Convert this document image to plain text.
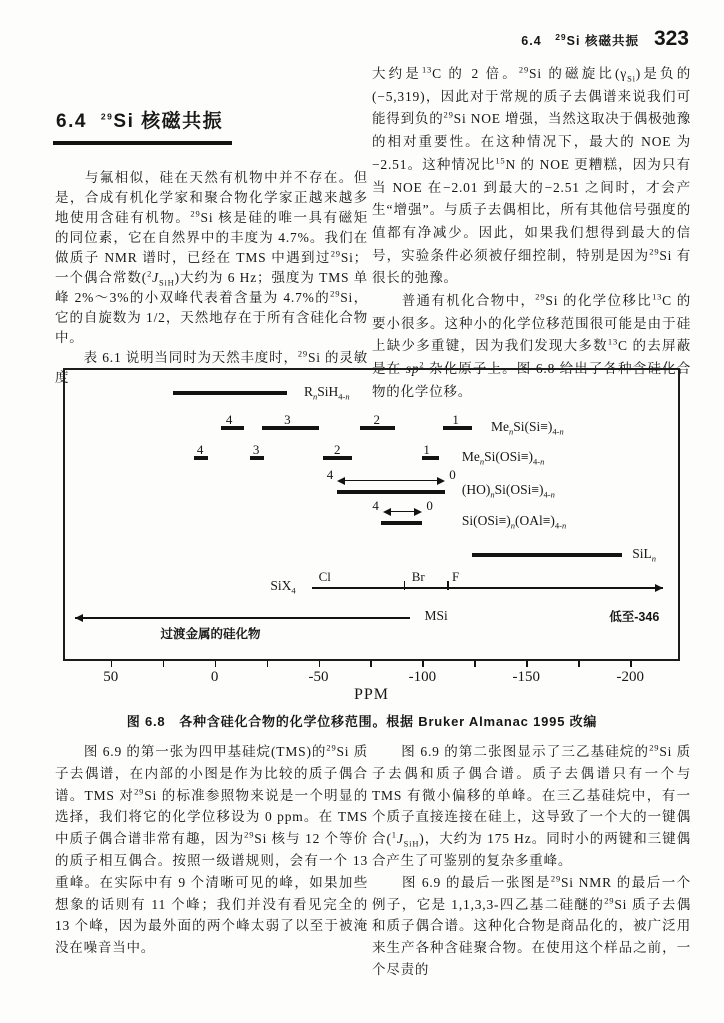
6.4　$^{29}$Si 核磁共振 323
6.4 $^{29}$Si 核磁共振

　　与氟相似，硅在天然有机物中并不存在。但是，合成有机化学家和聚合物化学家正越来越多地使用含硅有机物。$^{29}$Si 核是硅的唯一具有磁矩的同位素，它在自然界中的丰度为 4.7%。我们在做质子 NMR 谱时，已经在 TMS 中遇到过$^{29}$Si；一个偶合常数$(^2J_{SiH})$大约为 6 Hz；强度为 TMS 单峰 2%～3%的小双峰代表着含量为 4.7%的$^{29}$Si，它的自旋数为 1/2，天然地存在于所有含硅化合物中。

　　表 6.1 说明当同时为天然丰度时，$^{29}$Si 的灵敏度

大约是$^{13}$C 的 2 倍。$^{29}$Si 的磁旋比$(\gamma_{Si})$是负的(−5,319)，因此对于常规的质子去偶谱来说我们可能得到负的$^{29}$Si NOE 增强，当然这取决于偶极弛豫的相对重要性。在这种情况下，最大的 NOE 为−2.51。这种情况比$^{15}$N 的 NOE 更糟糕，因为只有当 NOE 在−2.01 到最大的−2.51 之间时，才会产生“增强”。与质子去偶相比，所有其他信号强度的值都有净减少。因此，如果我们想得到最大的信号，实验条件必须被仔细控制，特别是因为$^{29}$Si 有很长的弛豫。

　　普通有机化合物中，$^{29}$Si 的化学位移比$^{13}$C 的要小很多。这种小的化学位移范围很可能是由于硅上缺少多重键，因为我们发现大多数$^{13}$C 的去屏蔽是在 $sp^2$ 杂化原子上。图 6.8 给出了各种含硅化合物的化学位移。

$R_nSiH_{4-n}$
4	3	2	1 $Me_nSi(Si\equiv)_{4-n}$
4	3	2	1 $Me_nSi(OSi\equiv)_{4-n}$
4	0
$(HO)_nSi(OSi\equiv)_{4-n}$
4	0
$Si(OSi\equiv)_n(OAl\equiv)_{4-n}$
SiL$_n$
Cl	Br F
低至-346
SiX$_4$
过渡金属的硅化物
MSi
50	0	-50	-100	-150	-200
PPM
图 6.8　各种含硅化合物的化学位移范围。根据 Bruker Almanac 1995 改编

　　图 6.9 的第一张为四甲基硅烷(TMS)的$^{29}$Si 质子去偶谱，在内部的小图是作为比较的质子偶合谱。TMS 对$^{29}$Si 的标准参照物来说是一个明显的选择，我们将它的化学位移设为 0 ppm。在 TMS 中质子偶合谱非常有趣，因为$^{29}$Si 核与 12 个等价的质子相互偶合。按照一级谱规则，会有一个 13 重峰。在实际中有 9 个清晰可见的峰，如果加些想象的话则有 11 个峰；我们并没有看见完全的 13 个峰，因为最外面的两个峰太弱了以至于被淹没在噪音当中。

　　图 6.9 的第二张图显示了三乙基硅烷的$^{29}$Si 质子去偶和质子偶合谱。质子去偶谱只有一个与 TMS 有微小偏移的单峰。在三乙基硅烷中，有一个质子直接连接在硅上，这导致了一个大的一键偶合$(^1J_{SiH})$，大约为 175 Hz。同时小的两键和三键偶合产生了可鉴别的复杂多重峰。

　　图 6.9 的最后一张图是$^{29}$Si NMR 的最后一个例子，它是 1,1,3,3-四乙基二硅醚的$^{29}$Si 质子去偶和质子偶合谱。这种化合物是商品化的，被广泛用来生产各种含硅聚合物。在使用这个样品之前，一个尽责的
